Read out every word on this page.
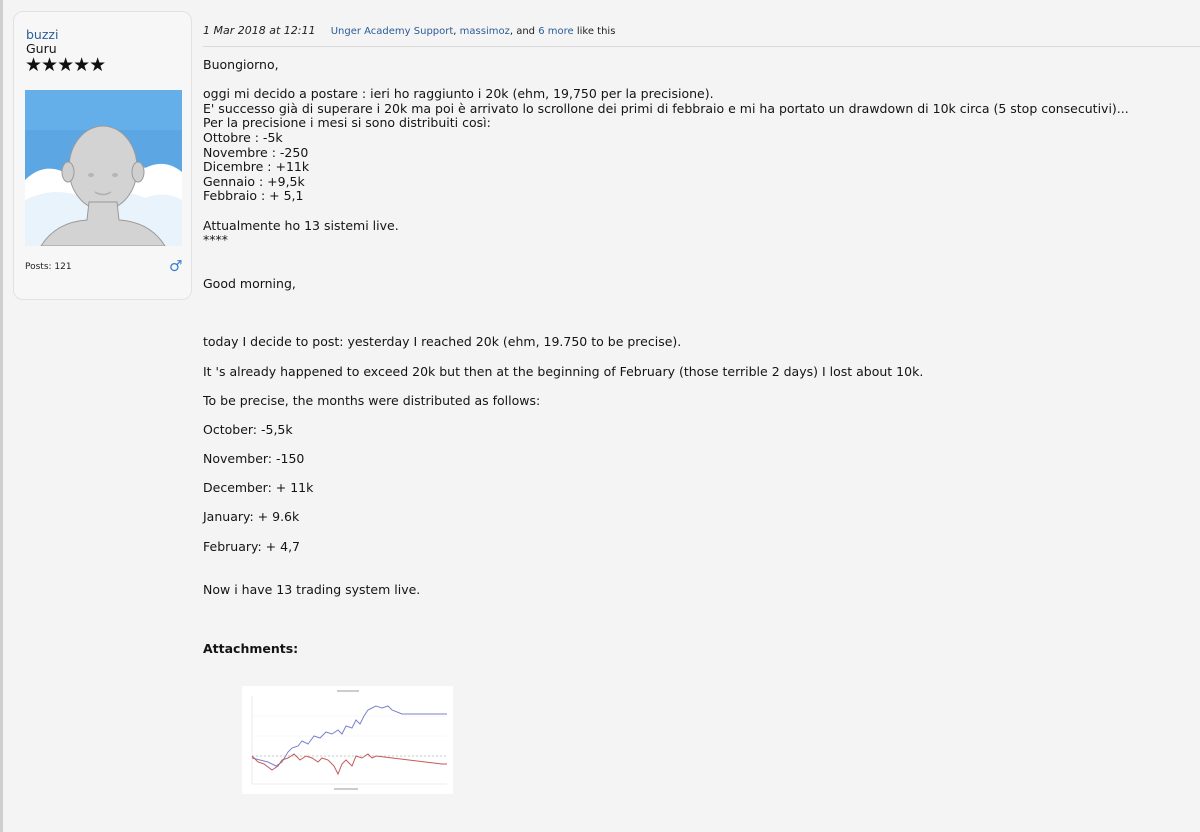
buzzi
Guru
★★★★★
Posts: 121	♂
1 Mar 2018 at 12:11 Unger Academy Support, massimoz, and 6 more like this
Buongiorno,
oggi mi decido a postare : ieri ho raggiunto i 20k (ehm, 19,750 per la precisione).
E' successo già di superare i 20k ma poi è arrivato lo scrollone dei primi di febbraio e mi ha portato un drawdown di 10k circa (5 stop consecutivi)...
Per la precisione i mesi si sono distribuiti così:
Ottobre : -5k
Novembre : -250
Dicembre : +11k
Gennaio : +9,5k
Febbraio : + 5,1
Attualmente ho 13 sistemi live.
****
Good morning,
today I decide to post: yesterday I reached 20k (ehm, 19.750 to be precise).
It 's already happened to exceed 20k but then at the beginning of February (those terrible 2 days) I lost about 10k.
To be precise, the months were distributed as follows:
October: -5,5k
November: -150
December: + 11k
January: + 9.6k
February: + 4,7
Now i have 13 trading system live.
Attachments:
